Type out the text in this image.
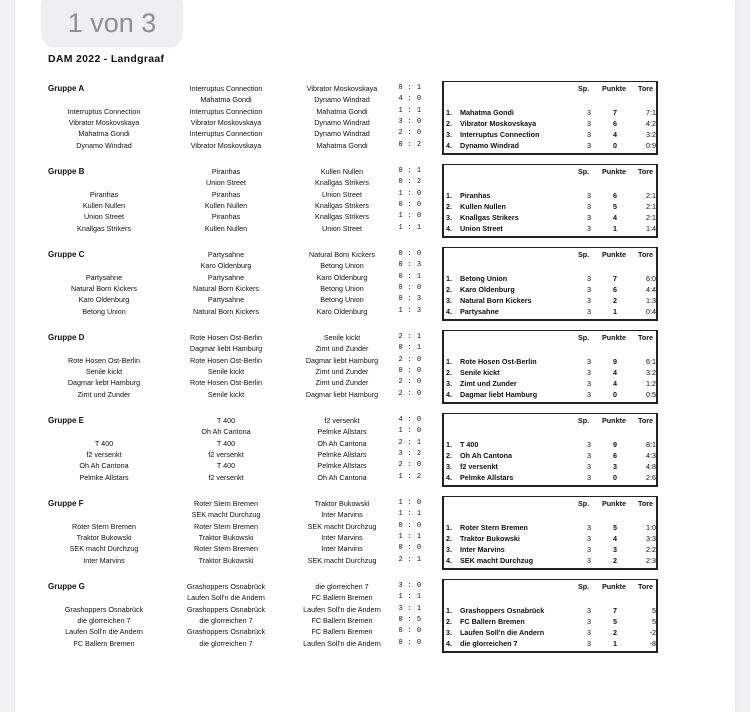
1 von 3
DAM 2022 - Landgraaf
Gruppe A	Interruptus Connection	Vibrator Moskovskaya	0 : 1
Mahatma Gondi	Dynamo Windrad	4 : 0
Interruptus Connection	Mahatma Gondi	1 : 1
Vibrator Moskovskaya	Dynamo Windrad	3 : 0
Interruptus Connection	Dynamo Windrad	2 : 0
Vibrator Moskovskaya	Mahatma Gondi	0 : 2
Interruptus Connection
Vibrator Moskovskaya
Mahatma Gondi
Dynamo Windrad
Sp. Punkte Tore
1. Mahatma Gondi	3	7	7:1
2. Vibrator Moskovskaya	3	6	4:2
3. Interruptus Connection	3	4	3:2
4. Dynamo Windrad	3	0	0:9
Gruppe B	Piranhas	Kullen Nullen	0 : 1
Union Street	Knallgas Strikers	0 : 2
Piranhas	Union Street	1 : 0
Kullen Nullen	Knallgas Strikers	0 : 0
Piranhas	Knallgas Strikers	1 : 0
Kullen Nullen	Union Street	1 : 1
Piranhas
Kullen Nullen
Union Street
Knallgas Strikers
Sp. Punkte Tore
1. Piranhas	3	6	2:1
2. Kullen Nullen	3	5	2:1
3. Knallgas Strikers	3	4	2:1
4. Union Street	3	1	1:4
Gruppe C	Partysahne	Natural Born Kickers	0 : 0
Karo Oldenburg	Betong Union	0 : 3
Partysahne	Karo Oldenburg	0 : 1
Natural Born Kickers	Betong Union	0 : 0
Partysahne	Betong Union	0 : 3
Natural Born Kickers	Karo Oldenburg	1 : 3
Partysahne
Natural Born Kickers
Karo Oldenburg
Betong Union
Sp. Punkte Tore
1. Betong Union	3	7	6:0
2. Karo Oldenburg	3	6	4:4
3. Natural Born Kickers	3	2	1:3
4. Partysahne	3	1	0:4
Gruppe D	Rote Hosen Ost-Berlin	Senile kickt	2 : 1
Dagmar liebt Hamburg	Zimt und Zunder	0 : 1
Rote Hosen Ost-Berlin	Dagmar liebt Hamburg	2 : 0
Senile kickt	Zimt und Zunder	0 : 0
Rote Hosen Ost-Berlin	Zimt und Zunder	2 : 0
Senile kickt	Dagmar liebt Hamburg	2 : 0
Rote Hosen Ost-Berlin
Senile kickt
Dagmar liebt Hamburg
Zimt und Zunder
Sp. Punkte Tore
1. Rote Hosen Ost-Berlin	3	9	6:1
2. Senile kickt	3	4	3:2
3. Zimt und Zunder	3	4	1:2
4. Dagmar liebt Hamburg	3	0	0:5
Gruppe E	T 400	f2 versenkt	4 : 0
Oh Ah Cantona	Pelmke Allstars	1 : 0
T 400	Oh Ah Cantona	2 : 1
f2 versenkt	Pelmke Allstars	3 : 2
T 400	Pelmke Allstars	2 : 0
f2 versenkt	Oh Ah Cantona	1 : 2
T 400
f2 versenkt
Oh Ah Cantona
Pelmke Allstars
Sp. Punkte Tore
1. T 400	3	9	8:1
2. Oh Ah Cantona	3	6	4:3
3. f2 versenkt	3	3	4:8
4. Pelmke Allstars	3	0	2:6
Gruppe F	Roter Stern Bremen	Traktor Bukowski	1 : 0
SEK macht Durchzug	Inter Marvins	1 : 1
Roter Stern Bremen	SEK macht Durchzug	0 : 0
Traktor Bukowski	Inter Marvins	1 : 1
Roter Stern Bremen	Inter Marvins	0 : 0
Traktor Bukowski	SEK macht Durchzug	2 : 1
Roter Stern Bremen
Traktor Bukowski
SEK macht Durchzug
Inter Marvins
Sp. Punkte Tore
1. Roter Stern Bremen	3	5	1:0
2. Traktor Bukowski	3	4	3:3
3. Inter Marvins	3	3	2:2
4. SEK macht Durchzug	3	2	2:3
Gruppe G	Grashoppers Osnabrück	die glorreichen 7	3 : 0
Laufen Soll'n die Andern	FC Ballern Bremen	1 : 1
Grashoppers Osnabrück	Laufen Soll'n die Andern	3 : 1
die glorreichen 7	FC Ballern Bremen	0 : 5
Grashoppers Osnabrück	FC Ballern Bremen	0 : 0
die glorreichen 7	Laufen Soll'n die Andern	0 : 0
Grashoppers Osnabrück
die glorreichen 7
Laufen Soll'n die Andern
FC Ballern Bremen
Sp. Punkte Tore
1. Grashoppers Osnabrück	3	7	5
2. FC Ballern Bremen	3	5	5
3. Laufen Soll'n die Andern	3	2	-2
4. die glorreichen 7	3	1	-8
